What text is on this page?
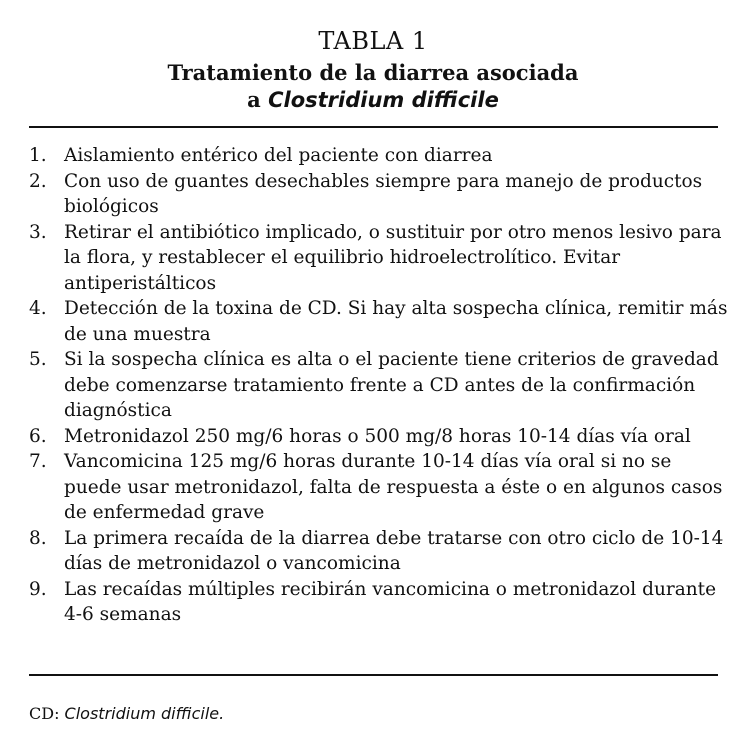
TABLA 1
Tratamiento de la diarrea asociada
a Clostridium difficile
1. Aislamiento entérico del paciente con diarrea
2. Con uso de guantes desechables siempre para manejo de productos biológicos
3. Retirar el antibiótico implicado, o sustituir por otro menos lesivo para la flora, y restablecer el equilibrio hidroelectrolítico. Evitar antiperistálticos
4. Detección de la toxina de CD. Si hay alta sospecha clínica, remitir más de una muestra
5. Si la sospecha clínica es alta o el paciente tiene criterios de gravedad debe comenzarse tratamiento frente a CD antes de la confirmación diagnóstica
6. Metronidazol 250 mg/6 horas o 500 mg/8 horas 10-14 días vía oral
7. Vancomicina 125 mg/6 horas durante 10-14 días vía oral si no se puede usar metronidazol, falta de respuesta a éste o en algunos casos de enfermedad grave
8. La primera recaída de la diarrea debe tratarse con otro ciclo de 10-14 días de metronidazol o vancomicina
9. Las recaídas múltiples recibirán vancomicina o metronidazol durante 4-6 semanas
CD: Clostridium difficile.
